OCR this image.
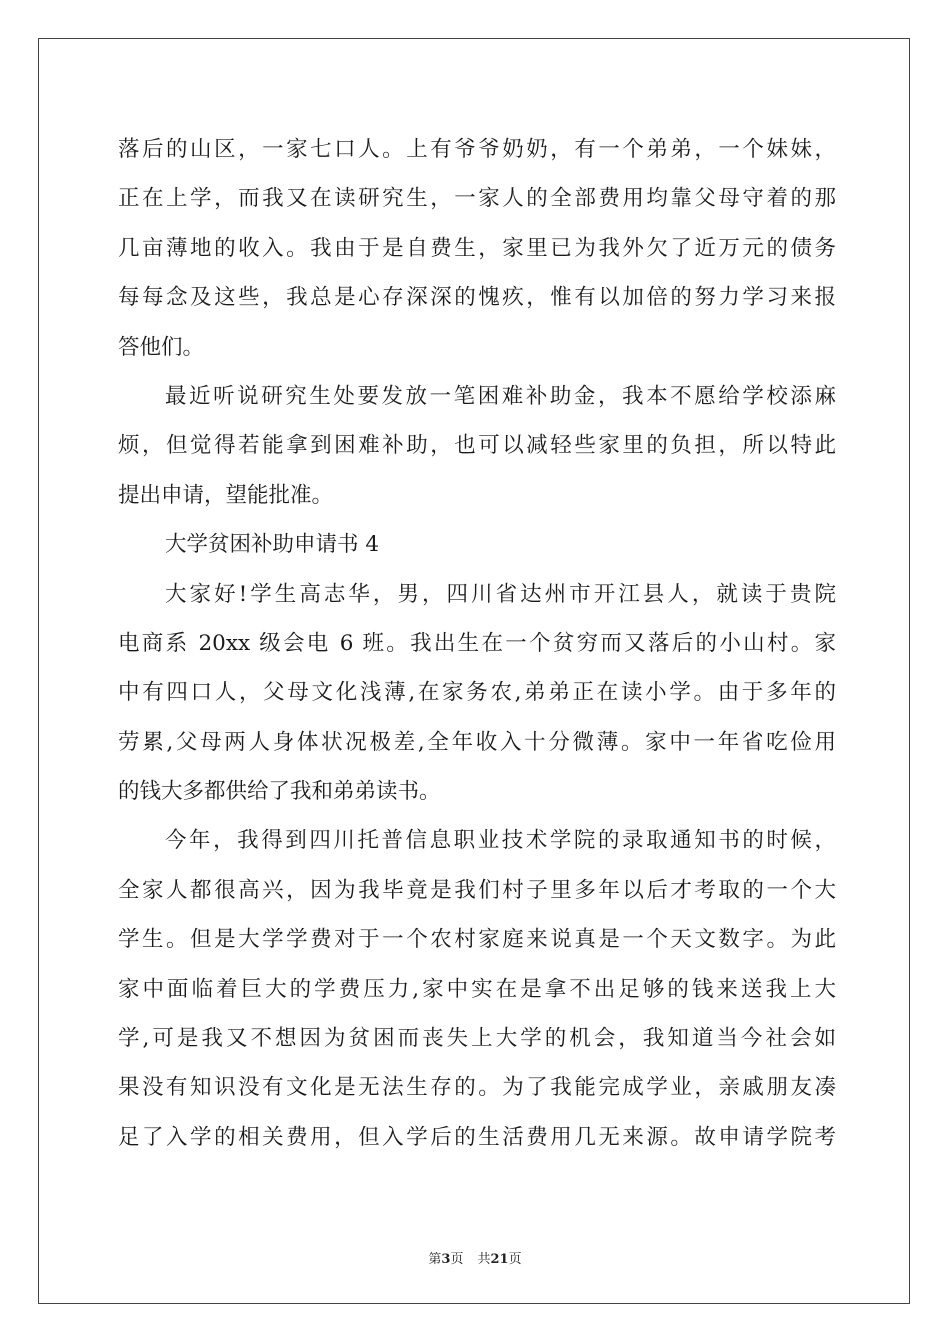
落后的山区，一家七口人。上有爷爷奶奶，有一个弟弟，一个妹妹，
正在上学，而我又在读研究生，一家人的全部费用均靠父母守着的那
几亩薄地的收入。我由于是自费生，家里已为我外欠了近万元的债务
每每念及这些，我总是心存深深的愧疚，惟有以加倍的努力学习来报
答他们。
最近听说研究生处要发放一笔困难补助金，我本不愿给学校添麻
烦，但觉得若能拿到困难补助，也可以减轻些家里的负担，所以特此
提出申请，望能批准。
大学贫困补助申请书 4
大家好!学生高志华，男，四川省达州市开江县人，就读于贵院
电商系 20xx 级会电 6 班。我出生在一个贫穷而又落后的小山村。家
中有四口人，父母文化浅薄,在家务农,弟弟正在读小学。由于多年的
劳累,父母两人身体状况极差,全年收入十分微薄。家中一年省吃俭用
的钱大多都供给了我和弟弟读书。
今年，我得到四川托普信息职业技术学院的录取通知书的时候，
全家人都很高兴，因为我毕竟是我们村子里多年以后才考取的一个大
学生。但是大学学费对于一个农村家庭来说真是一个天文数字。为此
家中面临着巨大的学费压力,家中实在是拿不出足够的钱来送我上大
学,可是我又不想因为贫困而丧失上大学的机会，我知道当今社会如
果没有知识没有文化是无法生存的。为了我能完成学业，亲戚朋友凑
足了入学的相关费用，但入学后的生活费用几无来源。故申请学院考
第3页 共21页
